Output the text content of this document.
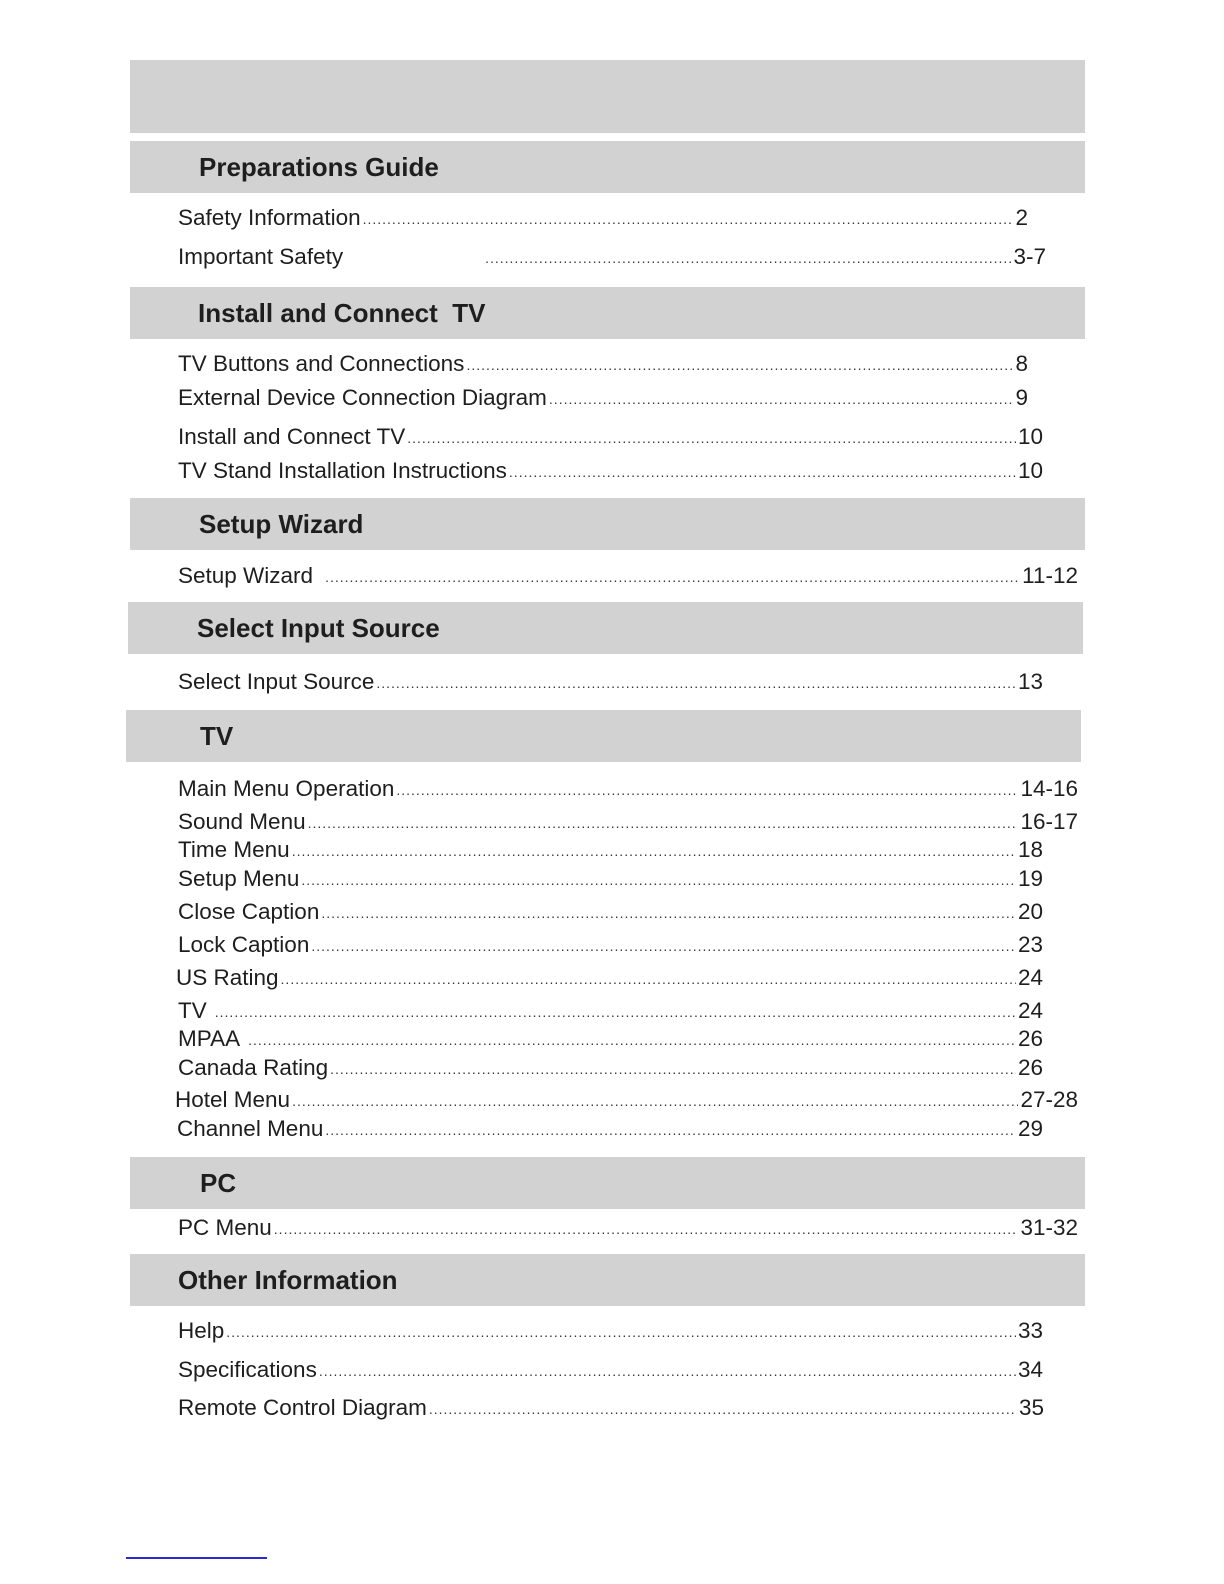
Preparations Guide
Safety Information .....	2
Important Safety .....	3-7
Install and Connect  TV
TV Buttons and Connections .....	8
External Device Connection Diagram .....	9
Install and Connect TV .....	10
TV Stand Installation Instructions .....	10
Setup Wizard
Setup Wizard .....	11-12
Select Input Source
Select Input Source .....	13
TV
Main Menu Operation .....	14-16
Sound Menu .....	16-17
Time Menu .....	18
Setup Menu .....	19
Close Caption .....	20
Lock Caption .....	23
US Rating .....	24
TV .....	24
MPAA .....	26
Canada Rating .....	26
Hotel Menu .....	27-28
Channel Menu .....	29
PC
PC Menu .....	31-32
Other Information
Help .....	33
Specifications .....	34
Remote Control Diagram .....	35
